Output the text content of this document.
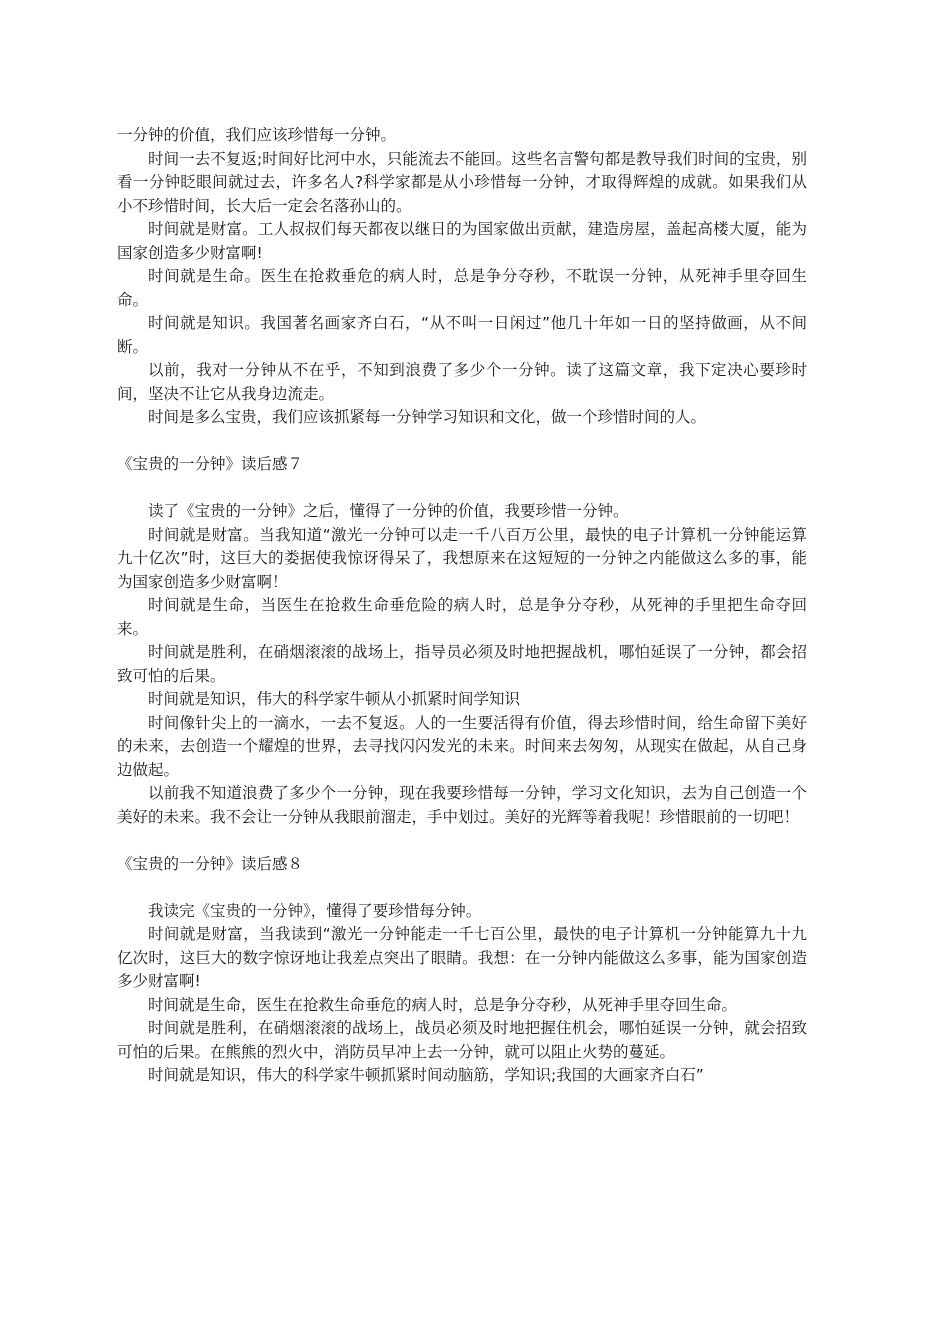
一分钟的价值，我们应该珍惜每一分钟。

时间一去不复返;时间好比河中水，只能流去不能回。这些名言警句都是教导我们时间的宝贵，别看一分钟眨眼间就过去，许多名人?科学家都是从小珍惜每一分钟，才取得辉煌的成就。如果我们从小不珍惜时间，长大后一定会名落孙山的。

时间就是财富。工人叔叔们每天都夜以继日的为国家做出贡献，建造房屋，盖起高楼大厦，能为国家创造多少财富啊!

时间就是生命。医生在抢救垂危的病人时，总是争分夺秒，不耽误一分钟，从死神手里夺回生命。

时间就是知识。我国著名画家齐白石，“从不叫一日闲过”他几十年如一日的坚持做画，从不间断。

以前，我对一分钟从不在乎，不知到浪费了多少个一分钟。读了这篇文章，我下定决心要珍时间，坚决不让它从我身边流走。

时间是多么宝贵，我们应该抓紧每一分钟学习知识和文化，做一个珍惜时间的人。

《宝贵的一分钟》读后感７

读了《宝贵的一分钟》之后，懂得了一分钟的价值，我要珍惜一分钟。

时间就是财富。当我知道“激光一分钟可以走一千八百万公里，最快的电子计算机一分钟能运算九十亿次”时，这巨大的娄据使我惊讶得呆了，我想原来在这短短的一分钟之内能做这么多的事，能为国家创造多少财富啊！

时间就是生命，当医生在抢救生命垂危险的病人时，总是争分夺秒，从死神的手里把生命夺回来。

时间就是胜利，在硝烟滚滚的战场上，指导员必须及时地把握战机，哪怕延误了一分钟，都会招致可怕的后果。

时间就是知识，伟大的科学家牛顿从小抓紧时间学知识

时间像针尖上的一滴水，一去不复返。人的一生要活得有价值，得去珍惜时间，给生命留下美好的未来，去创造一个耀煌的世界，去寻找闪闪发光的未来。时间来去匆匆，从现实在做起，从自己身边做起。

以前我不知道浪费了多少个一分钟，现在我要珍惜每一分钟，学习文化知识，去为自己创造一个美好的未来。我不会让一分钟从我眼前溜走，手中划过。美好的光辉等着我呢！珍惜眼前的一切吧！

《宝贵的一分钟》读后感８

我读完《宝贵的一分钟》，懂得了要珍惜每分钟。

时间就是财富，当我读到“激光一分钟能走一千七百公里，最快的电子计算机一分钟能算九十九亿次时，这巨大的数字惊讶地让我差点突出了眼睛。我想：在一分钟内能做这么多事，能为国家创造多少财富啊!

时间就是生命，医生在抢救生命垂危的病人时，总是争分夺秒，从死神手里夺回生命。

时间就是胜利，在硝烟滚滚的战场上，战员必须及时地把握住机会，哪怕延误一分钟，就会招致可怕的后果。在熊熊的烈火中，消防员早冲上去一分钟，就可以阻止火势的蔓延。

时间就是知识，伟大的科学家牛顿抓紧时间动脑筋，学知识;我国的大画家齐白石”
